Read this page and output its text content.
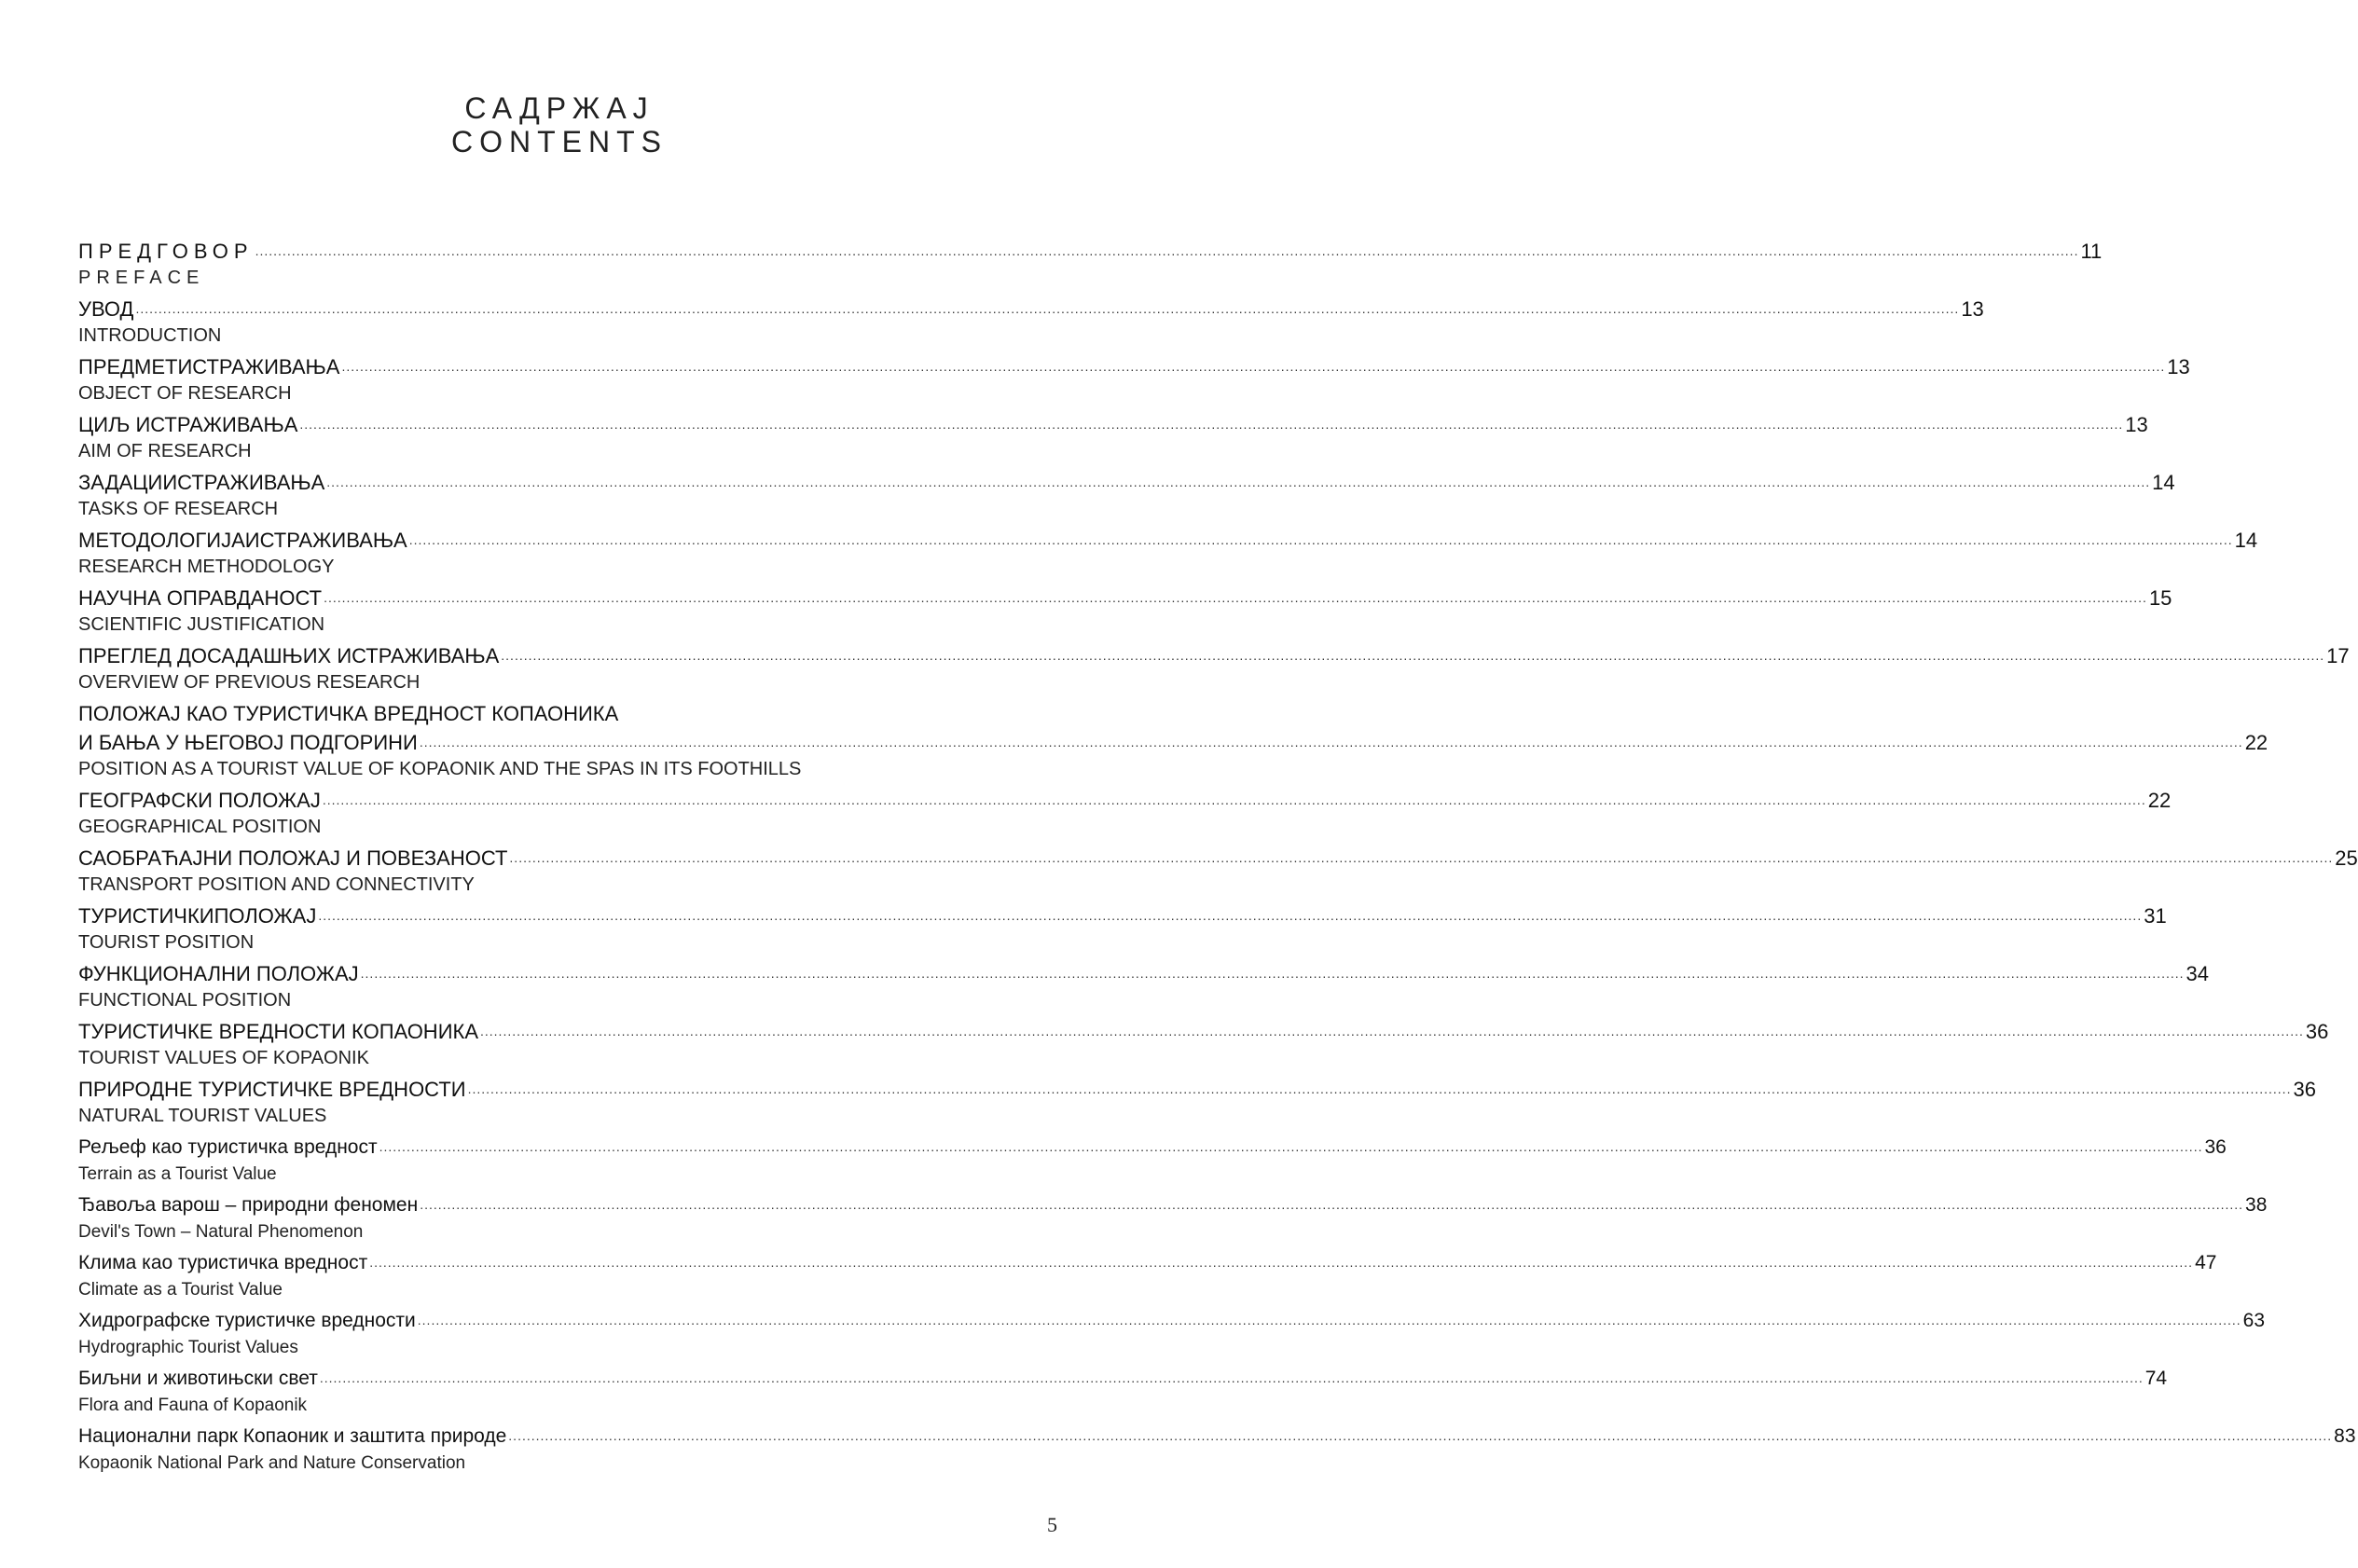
САДРЖАЈ
CONTENTS
ПРЕДГОВОР ................................................................................................................................................................................................................................................................................................................................................................................................................ 11
PREFACE
УВОД ................................................................................................................................................................................................................................................................................................................................................................................................................ 13
INTRODUCTION
ПРЕДМЕТИСТРАЖИВАЊА ................................................................................................................................................................................................................................................................................................................................................................................................................ 13
OBJECT OF RESEARCH
ЦИЉ ИСТРАЖИВАЊА ................................................................................................................................................................................................................................................................................................................................................................................................................ 13
AIM OF RESEARCH
ЗАДАЦИИСТРАЖИВАЊА ................................................................................................................................................................................................................................................................................................................................................................................................................ 14
TASKS OF RESEARCH
МЕТОДОЛОГИЈАИСТРАЖИВАЊА ................................................................................................................................................................................................................................................................................................................................................................................................................ 14
RESEARCH METHODOLOGY
НАУЧНА ОПРАВДАНОСТ ................................................................................................................................................................................................................................................................................................................................................................................................................ 15
SCIENTIFIC JUSTIFICATION
ПРЕГЛЕД ДОСАДАШЊИХ ИСТРАЖИВАЊА ................................................................................................................................................................................................................................................................................................................................................................................................................ 17
OVERVIEW OF PREVIOUS RESEARCH
ПОЛОЖАЈ КАО ТУРИСТИЧКА ВРЕДНОСТ КОПАОНИКА
И БАЊА У ЊЕГОВОЈ ПОДГОРИНИ ................................................................................................................................................................................................................................................................................................................................................................................................................ 22
POSITION AS A TOURIST VALUE OF KOPAONIK AND THE SPAS IN ITS FOOTHILLS
ГЕОГРАФСКИ ПОЛОЖАЈ ................................................................................................................................................................................................................................................................................................................................................................................................................ 22
GEOGRAPHICAL POSITION
САОБРАЋАЈНИ ПОЛОЖАЈ И ПОВЕЗАНОСТ ................................................................................................................................................................................................................................................................................................................................................................................................................ 25
TRANSPORT POSITION AND CONNECTIVITY
ТУРИСТИЧКИПОЛОЖАЈ ................................................................................................................................................................................................................................................................................................................................................................................................................ 31
TOURIST POSITION
ФУНКЦИОНАЛНИ ПОЛОЖАЈ ................................................................................................................................................................................................................................................................................................................................................................................................................ 34
FUNCTIONAL POSITION
ТУРИСТИЧКЕ ВРЕДНОСТИ КОПАОНИКА ................................................................................................................................................................................................................................................................................................................................................................................................................ 36
TOURIST VALUES OF KOPAONIK
ПРИРОДНЕ ТУРИСТИЧКЕ ВРЕДНОСТИ ................................................................................................................................................................................................................................................................................................................................................................................................................ 36
NATURAL TOURIST VALUES
Рељеф као туристичка вредност ................................................................................................................................................................................................................................................................................................................................................................................................................ 36
Terrain as a Tourist Value
Ђавоља варош – природни феномен ................................................................................................................................................................................................................................................................................................................................................................................................................ 38
Devil's Town – Natural Phenomenon
Клима као туристичка вредност ................................................................................................................................................................................................................................................................................................................................................................................................................ 47
Climate as a Tourist Value
Хидрографске туристичке вредности ................................................................................................................................................................................................................................................................................................................................................................................................................ 63
Hydrographic Tourist Values
Биљни и животињски свет ................................................................................................................................................................................................................................................................................................................................................................................................................ 74
Flora and Fauna of Kopaonik
Национални парк Копаоник и заштита природе ................................................................................................................................................................................................................................................................................................................................................................................................................ 83
Kopaonik National Park and Nature Conservation
5
